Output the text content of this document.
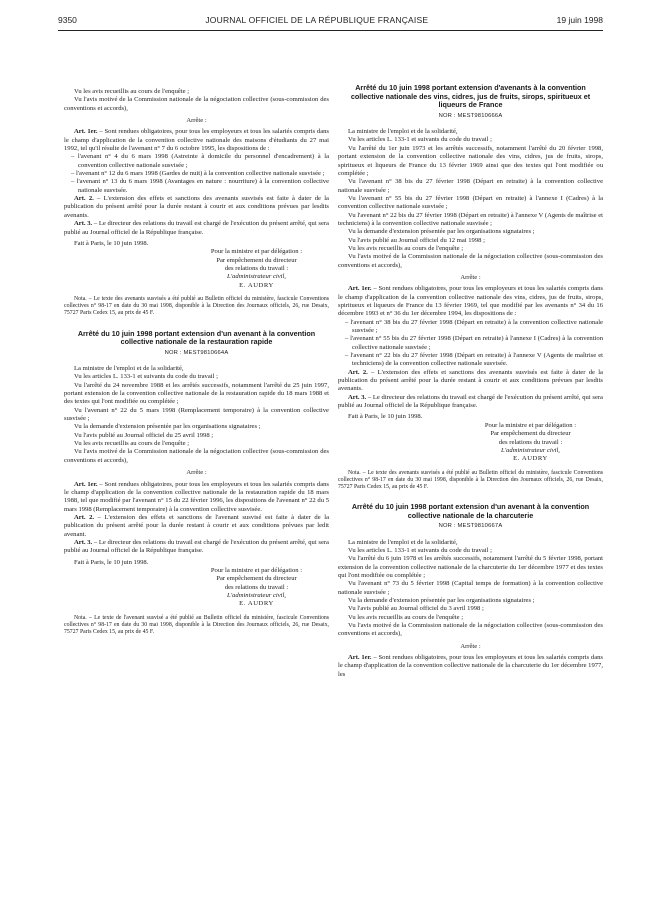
9350	JOURNAL OFFICIEL DE LA RÉPUBLIQUE FRANÇAISE	19 juin 1998

Vu les avis recueillis au cours de l'enquête ;

Vu l'avis motivé de la Commission nationale de la négociation collective (sous-commission des conventions et accords),

Arrête :

Art. 1er. – Sont rendues obligatoires, pour tous les employeurs et tous les salariés compris dans le champ d'application de la convention collective nationale des maisons d'étudiants du 27 mai 1992, tel qu'il résulte de l'avenant n° 7 du 6 octobre 1995, les dispositions de :

– l'avenant n° 4 du 6 mars 1998 (Astreinte à domicile du personnel d'encadrement) à la convention collective nationale susvisée ;

– l'avenant n° 12 du 6 mars 1998 (Gardes de nuit) à la convention collective nationale susvisée ;

– l'avenant n° 13 du 6 mars 1998 (Avantages en nature : nourriture) à la convention collective nationale susvisée.

Art. 2. – L'extension des effets et sanctions des avenants susvisés est faite à dater de la publication du présent arrêté pour la durée restant à courir et aux conditions prévues par lesdits avenants.

Art. 3. – Le directeur des relations du travail est chargé de l'exécution du présent arrêté, qui sera publié au Journal officiel de la République française.

Fait à Paris, le 10 juin 1998.

Pour la ministre et par délégation :

Par empêchement du directeur

des relations du travail :

L'administrateur civil,

E. AUDRY

Nota. – Le texte des avenants susvisés a été publié au Bulletin officiel du ministère, fascicule Conventions collectives n° 98-17 en date du 30 mai 1998, disponible à la Direction des Journaux officiels, 26, rue Desaix, 75727 Paris Cedex 15, au prix de 45 F.

Arrêté du 10 juin 1998 portant extension d'un avenant à la convention collective nationale de la restauration rapide
NOR : MEST9810664A

La ministre de l'emploi et de la solidarité,

Vu les articles L. 133-1 et suivants du code du travail ;

Vu l'arrêté du 24 novembre 1988 et les arrêtés successifs, notamment l'arrêté du 25 juin 1997, portant extension de la convention collective nationale de la restauration rapide du 18 mars 1988 et des textes qui l'ont modifiée ou complétée ;

Vu l'avenant n° 22 du 5 mars 1998 (Remplacement temporaire) à la convention collective susvisée ;

Vu la demande d'extension présentée par les organisations signataires ;

Vu l'avis publié au Journal officiel du 25 avril 1998 ;

Vu les avis recueillis au cours de l'enquête ;

Vu l'avis motivé de la Commission nationale de la négociation collective (sous-commission des conventions et accords),

Arrête :

Art. 1er. – Sont rendues obligatoires, pour tous les employeurs et tous les salariés compris dans le champ d'application de la convention collective nationale de la restauration rapide du 18 mars 1988, tel que modifié par l'avenant n° 15 du 22 février 1996, les dispositions de l'avenant n° 22 du 5 mars 1998 (Remplacement temporaire) à la convention collective susvisée.

Art. 2. – L'extension des effets et sanctions de l'avenant susvisé est faite à dater de la publication du présent arrêté pour la durée restant à courir et aux conditions prévues par ledit avenant.

Art. 3. – Le directeur des relations du travail est chargé de l'exécution du présent arrêté, qui sera publié au Journal officiel de la République française.

Fait à Paris, le 10 juin 1998.

Pour la ministre et par délégation :

Par empêchement du directeur

des relations du travail :

L'administrateur civil,

E. AUDRY

Nota. – Le texte de l'avenant susvisé a été publié au Bulletin officiel du ministère, fascicule Conventions collectives n° 98-17 en date du 30 mai 1998, disponible à la Direction des Journaux officiels, 26, rue Desaix, 75727 Paris Cedex 15, au prix de 45 F.

Arrêté du 10 juin 1998 portant extension d'avenants à la convention collective nationale des vins, cidres, jus de fruits, sirops, spiritueux et liqueurs de France
NOR : MEST9810666A

La ministre de l'emploi et de la solidarité,

Vu les articles L. 133-1 et suivants du code du travail ;

Vu l'arrêté du 1er juin 1973 et les arrêtés successifs, notamment l'arrêté du 20 février 1998, portant extension de la convention collective nationale des vins, cidres, jus de fruits, sirops, spiritueux et liqueurs de France du 13 février 1969 ainsi que des textes qui l'ont modifiée ou complétée ;

Vu l'avenant n° 38 bis du 27 février 1998 (Départ en retraite) à la convention collective nationale susvisée ;

Vu l'avenant n° 55 bis du 27 février 1998 (Départ en retraite) à l'annexe I (Cadres) à la convention collective nationale susvisée ;

Vu l'avenant n° 22 bis du 27 février 1998 (Départ en retraite) à l'annexe V (Agents de maîtrise et techniciens) à la convention collective nationale susvisée ;

Vu la demande d'extension présentée par les organisations signataires ;

Vu l'avis publié au Journal officiel du 12 mai 1998 ;

Vu les avis recueillis au cours de l'enquête ;

Vu l'avis motivé de la Commission nationale de la négociation collective (sous-commission des conventions et accords),

Arrête :

Art. 1er. – Sont rendues obligatoires, pour tous les employeurs et tous les salariés compris dans le champ d'application de la convention collective nationale des vins, cidres, jus de fruits, sirops, spiritueux et liqueurs de France du 13 février 1969, tel que modifié par les avenants n° 34 du 16 décembre 1993 et n° 36 du 1er décembre 1994, les dispositions de :

– l'avenant n° 38 bis du 27 février 1998 (Départ en retraite) à la convention collective nationale susvisée ;

– l'avenant n° 55 bis du 27 février 1998 (Départ en retraite) à l'annexe I (Cadres) à la convention collective nationale susvisée ;

– l'avenant n° 22 bis du 27 février 1998 (Départ en retraite) à l'annexe V (Agents de maîtrise et techniciens) de la convention collective nationale susvisée.

Art. 2. – L'extension des effets et sanctions des avenants susvisés est faite à dater de la publication du présent arrêté pour la durée restant à courir et aux conditions prévues par lesdits avenants.

Art. 3. – Le directeur des relations du travail est chargé de l'exécution du présent arrêté, qui sera publié au Journal officiel de la République française.

Fait à Paris, le 10 juin 1998.

Pour la ministre et par délégation :

Par empêchement du directeur

des relations du travail :

L'administrateur civil,

E. AUDRY

Nota. – Le texte des avenants susvisés a été publié au Bulletin officiel du ministère, fascicule Conventions collectives n° 98-17 en date du 30 mai 1998, disponible à la Direction des Journaux officiels, 26, rue Desaix, 75727 Paris Cedex 15, au prix de 45 F.

Arrêté du 10 juin 1998 portant extension d'un avenant à la convention collective nationale de la charcuterie
NOR : MEST9810667A

La ministre de l'emploi et de la solidarité,

Vu les articles L. 133-1 et suivants du code du travail ;

Vu l'arrêté du 6 juin 1978 et les arrêtés successifs, notamment l'arrêté du 5 février 1998, portant extension de la convention collective nationale de la charcuterie du 1er décembre 1977 et des textes qui l'ont modifiée ou complétée ;

Vu l'avenant n° 73 du 5 février 1998 (Capital temps de formation) à la convention collective nationale susvisée ;

Vu la demande d'extension présentée par les organisations signataires ;

Vu l'avis publié au Journal officiel du 3 avril 1998 ;

Vu les avis recueillis au cours de l'enquête ;

Vu l'avis motivé de la Commission nationale de la négociation collective (sous-commission des conventions et accords),

Arrête :

Art. 1er. – Sont rendues obligatoires, pour tous les employeurs et tous les salariés compris dans le champ d'application de la convention collective nationale de la charcuterie du 1er décembre 1977, les
